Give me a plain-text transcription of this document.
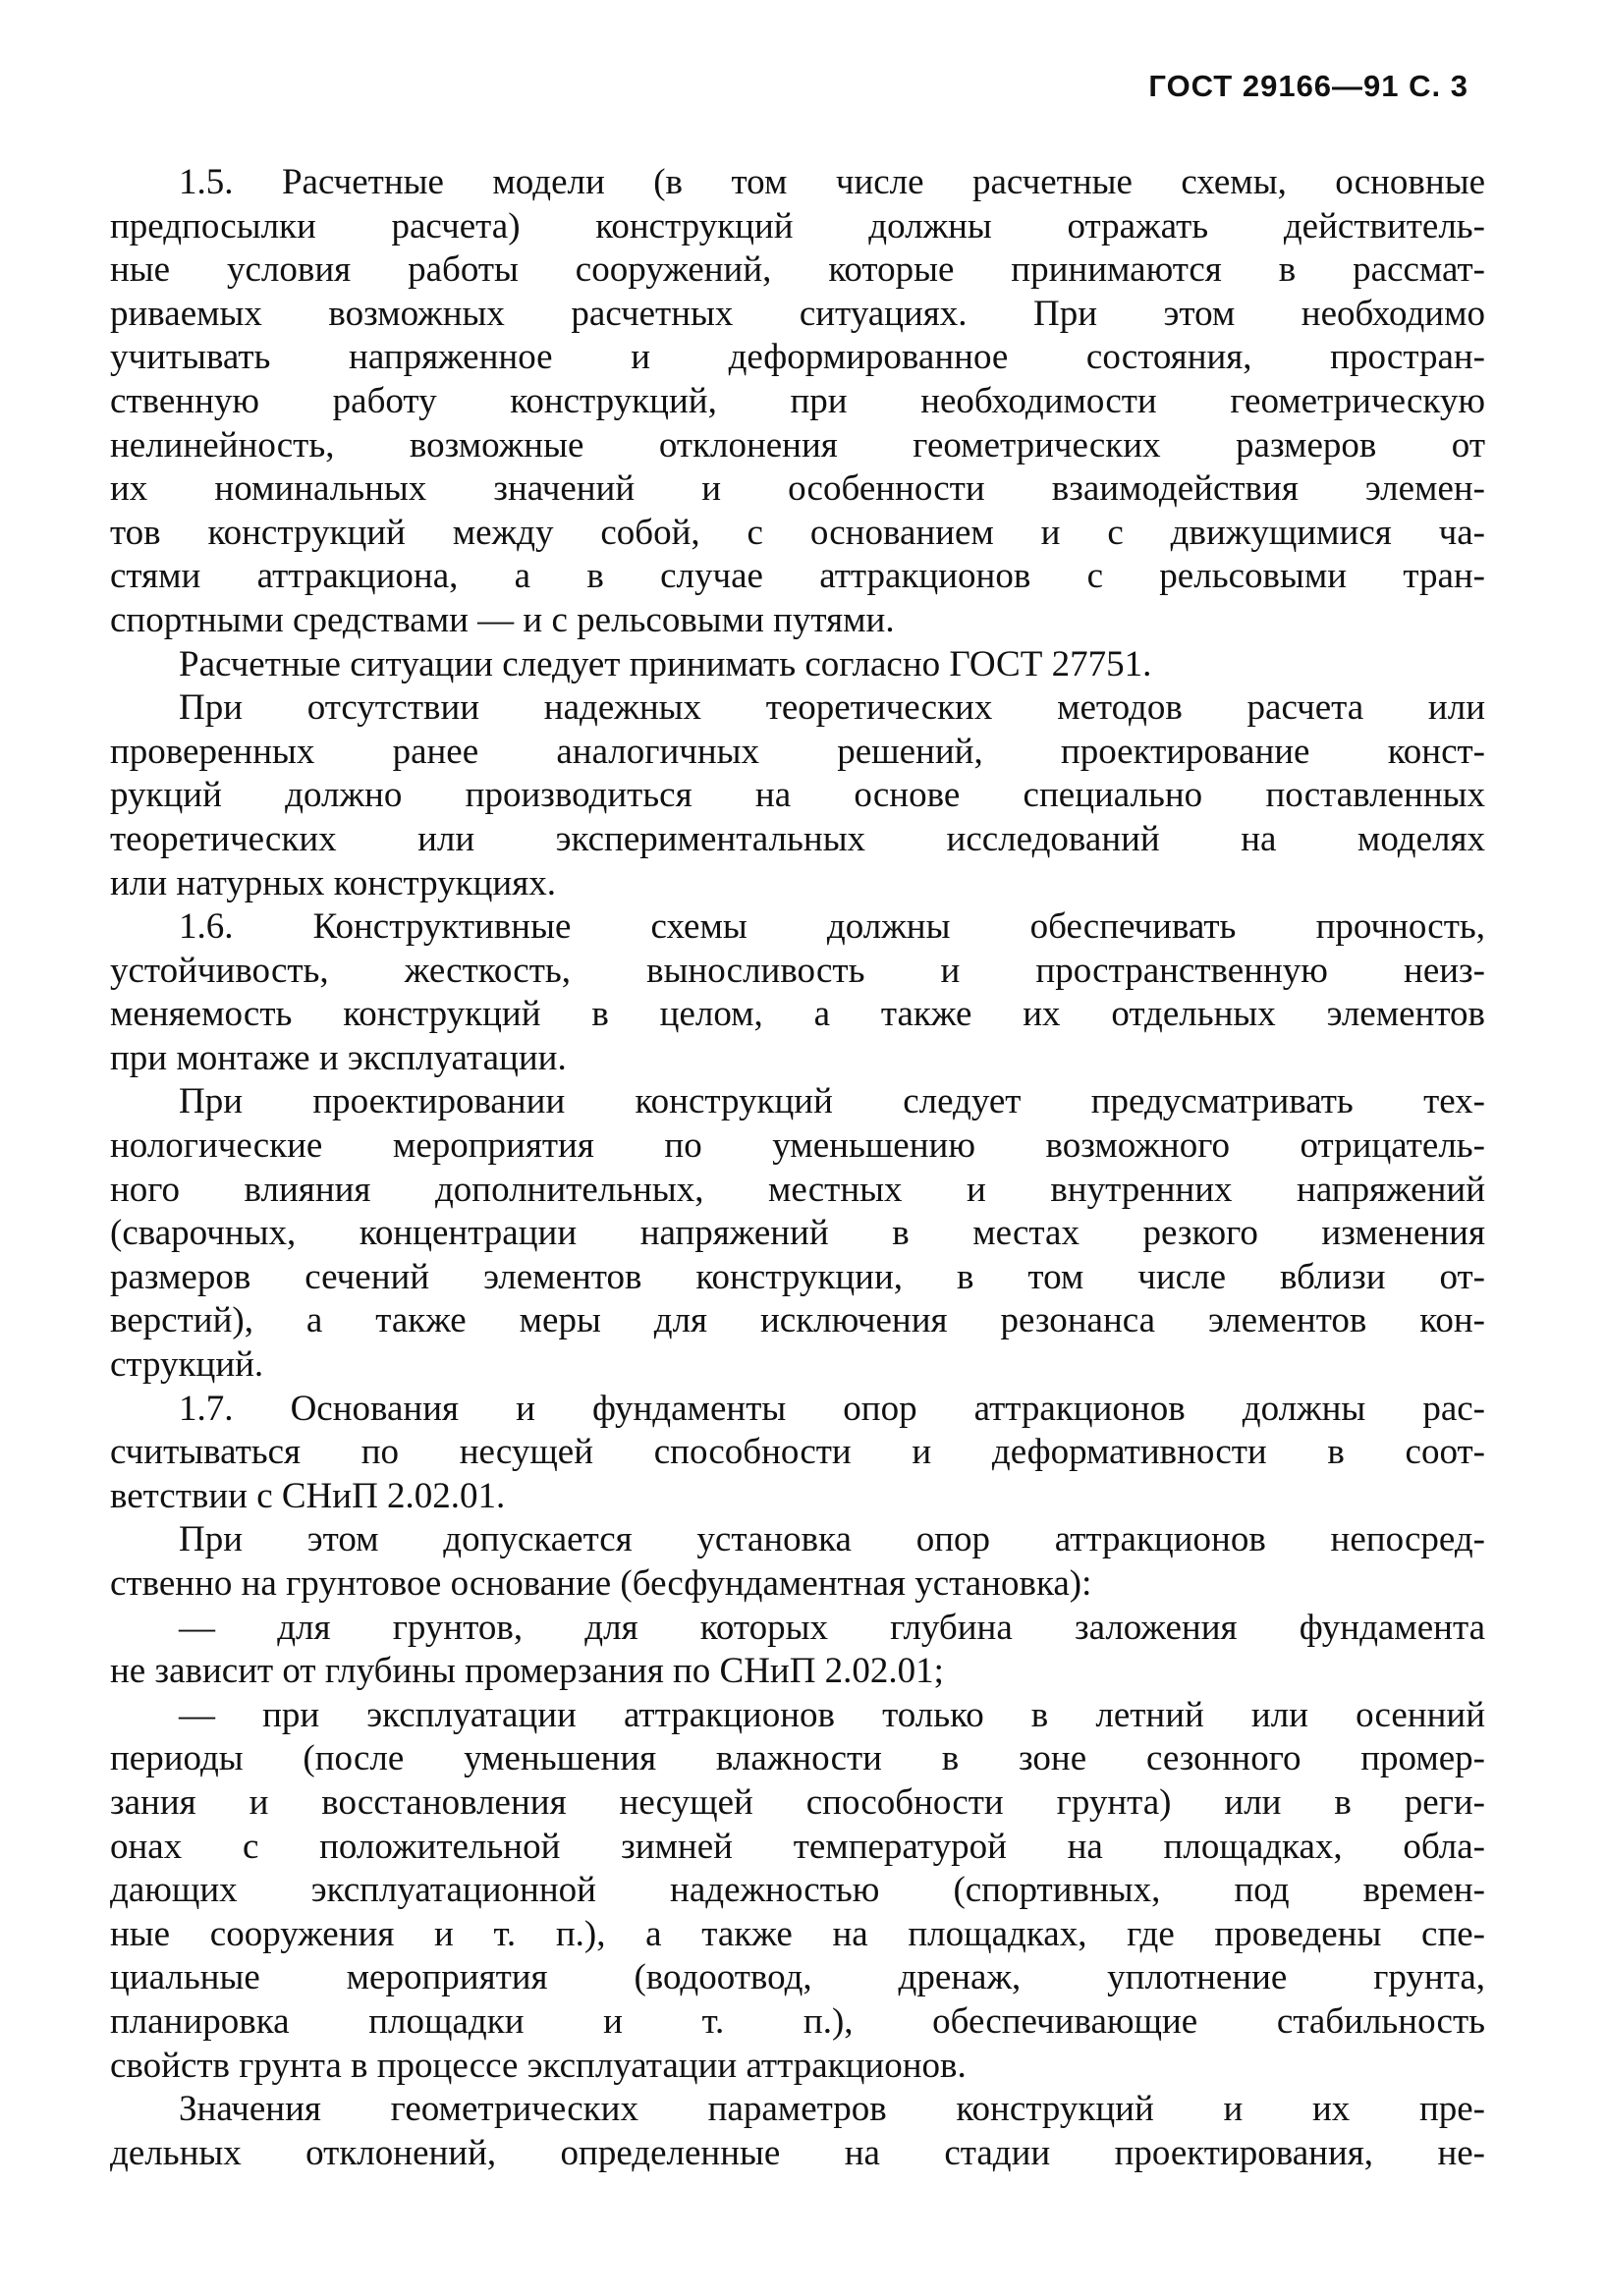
ГОСТ 29166—91 С. 3
1.5. Расчетные модели (в том числе расчетные схемы, основные
предпосылки расчета) конструкций должны отражать действитель-
ные условия работы сооружений, которые принимаются в рассмат-
риваемых возможных расчетных ситуациях. При этом необходимо
учитывать напряженное и деформированное состояния, простран-
ственную работу конструкций, при необходимости геометрическую
нелинейность, возможные отклонения геометрических размеров от
их номинальных значений и особенности взаимодействия элемен-
тов конструкций между собой, с основанием и с движущимися ча-
стями аттракциона, а в случае аттракционов с рельсовыми тран-
спортными средствами — и с рельсовыми путями.
Расчетные ситуации следует принимать согласно ГОСТ 27751.
При отсутствии надежных теоретических методов расчета или
проверенных ранее аналогичных решений, проектирование конст-
рукций должно производиться на основе специально поставленных
теоретических или экспериментальных исследований на моделях
или натурных конструкциях.
1.6. Конструктивные схемы должны обеспечивать прочность,
устойчивость, жесткость, выносливость и пространственную неиз-
меняемость конструкций в целом, а также их отдельных элементов
при монтаже и эксплуатации.
При проектировании конструкций следует предусматривать тех-
нологические мероприятия по уменьшению возможного отрицатель-
ного влияния дополнительных, местных и внутренних напряжений
(сварочных, концентрации напряжений в местах резкого изменения
размеров сечений элементов конструкции, в том числе вблизи от-
верстий), а также меры для исключения резонанса элементов кон-
струкций.
1.7. Основания и фундаменты опор аттракционов должны рас-
считываться по несущей способности и деформативности в соот-
ветствии с СНиП 2.02.01.
При этом допускается установка опор аттракционов непосред-
ственно на грунтовое основание (бесфундаментная установка):
— для грунтов, для которых глубина заложения фундамента
не зависит от глубины промерзания по СНиП 2.02.01;
— при эксплуатации аттракционов только в летний или осенний
периоды (после уменьшения влажности в зоне сезонного промер-
зания и восстановления несущей способности грунта) или в реги-
онах с положительной зимней температурой на площадках, обла-
дающих эксплуатационной надежностью (спортивных, под времен-
ные сооружения и т. п.), а также на площадках, где проведены спе-
циальные мероприятия (водоотвод, дренаж, уплотнение грунта,
планировка площадки и т. п.), обеспечивающие стабильность
свойств грунта в процессе эксплуатации аттракционов.
Значения геометрических параметров конструкций и их пре-
дельных отклонений, определенные на стадии проектирования, не-
